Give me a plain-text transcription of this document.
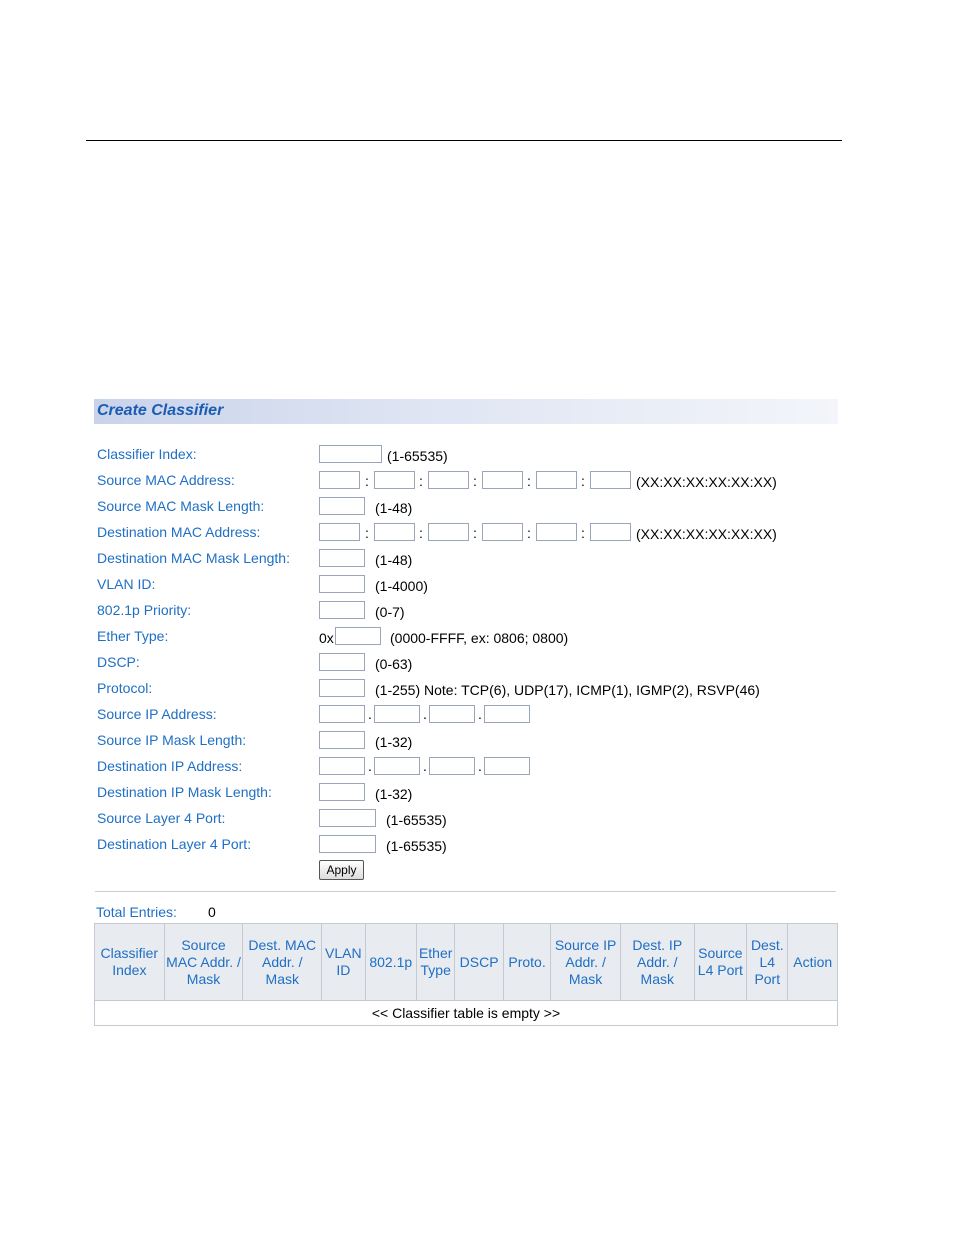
Create Classifier
Classifier Index:	(1-65535)
Source MAC Address:	:	:	:	:	:	(XX:XX:XX:XX:XX:XX)
Source MAC Mask Length:	(1-48)
Destination MAC Address:	:	:	:	:	:	(XX:XX:XX:XX:XX:XX)
Destination MAC Mask Length:	(1-48)
VLAN ID:	(1-4000)
802.1p Priority:	(0-7)
Ether Type:	0x	(0000-FFFF, ex: 0806; 0800)
DSCP:	(0-63)
Protocol:	(1-255) Note: TCP(6), UDP(17), ICMP(1), IGMP(2), RSVP(46)
Source IP Address:	.	.	.
Source IP Mask Length:	(1-32)
Destination IP Address:	.	.	.
Destination IP Mask Length:	(1-32)
Source Layer 4 Port:	(1-65535)
Destination Layer 4 Port:	(1-65535)
Apply
Total Entries: 0
Classifier Index	Source MAC Addr. / Mask	Dest. MAC Addr. / Mask	VLAN ID	802.1p	Ether Type	DSCP	Proto.	Source IP Addr. / Mask	Dest. IP Addr. / Mask	Source L4 Port	Dest. L4 Port	Action
<< Classifier table is empty >>
